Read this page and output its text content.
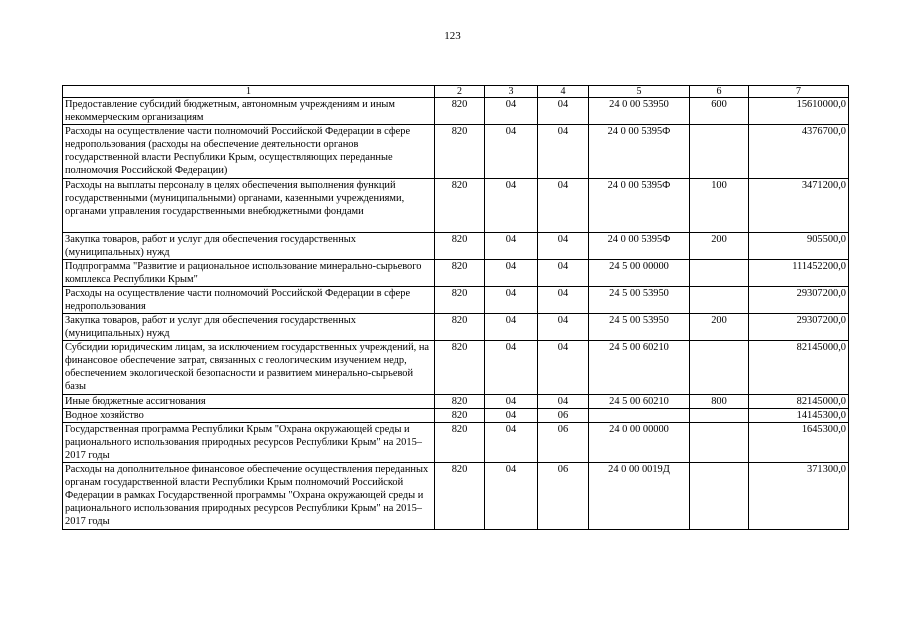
123
1	2	3	4	5	6	7
Предоставление субсидий бюджетным, автономным учреждениям и иным некоммерческим организациям	820	04	04	24 0 00 53950	600	15610000,0
Расходы на осуществление части полномочий Российской Федерации в сфере недропользования (расходы на обеспечение деятельности органов государственной власти Республики Крым, осуществляющих переданные полномочия Российской Федерации)	820	04	04	24 0 00 5395Ф		4376700,0
Расходы на выплаты персоналу в целях обеспечения выполнения функций государственными (муниципальными) органами, казенными учреждениями, органами управления государственными внебюджетными фондами	820	04	04	24 0 00 5395Ф	100	3471200,0
Закупка товаров, работ и услуг для обеспечения государственных (муниципальных) нужд	820	04	04	24 0 00 5395Ф	200	905500,0
Подпрограмма "Развитие и рациональное использование минерально-сырьевого комплекса Республики Крым"	820	04	04	24 5 00 00000		111452200,0
Расходы на осуществление части полномочий Российской Федерации в сфере недропользования	820	04	04	24 5 00 53950		29307200,0
Закупка товаров, работ и услуг для обеспечения государственных (муниципальных) нужд	820	04	04	24 5 00 53950	200	29307200,0
Субсидии юридическим лицам, за исключением государственных учреждений, на финансовое обеспечение затрат, связанных с геологическим изучением недр, обеспечением экологической безопасности и развитием минерально-сырьевой базы	820	04	04	24 5 00 60210		82145000,0
Иные бюджетные ассигнования	820	04	04	24 5 00 60210	800	82145000,0
Водное хозяйство	820	04	06			14145300,0
Государственная программа Республики Крым "Охрана окружающей среды и рационального использования природных ресурсов Республики Крым" на 2015–2017 годы	820	04	06	24 0 00 00000		1645300,0
Расходы на дополнительное финансовое обеспечение осуществления переданных органам государственной власти Республики Крым полномочий Российской Федерации в рамках Государственной программы "Охрана окружающей среды и рационального использования природных ресурсов Республики Крым" на 2015–2017 годы	820	04	06	24 0 00 0019Д		371300,0
